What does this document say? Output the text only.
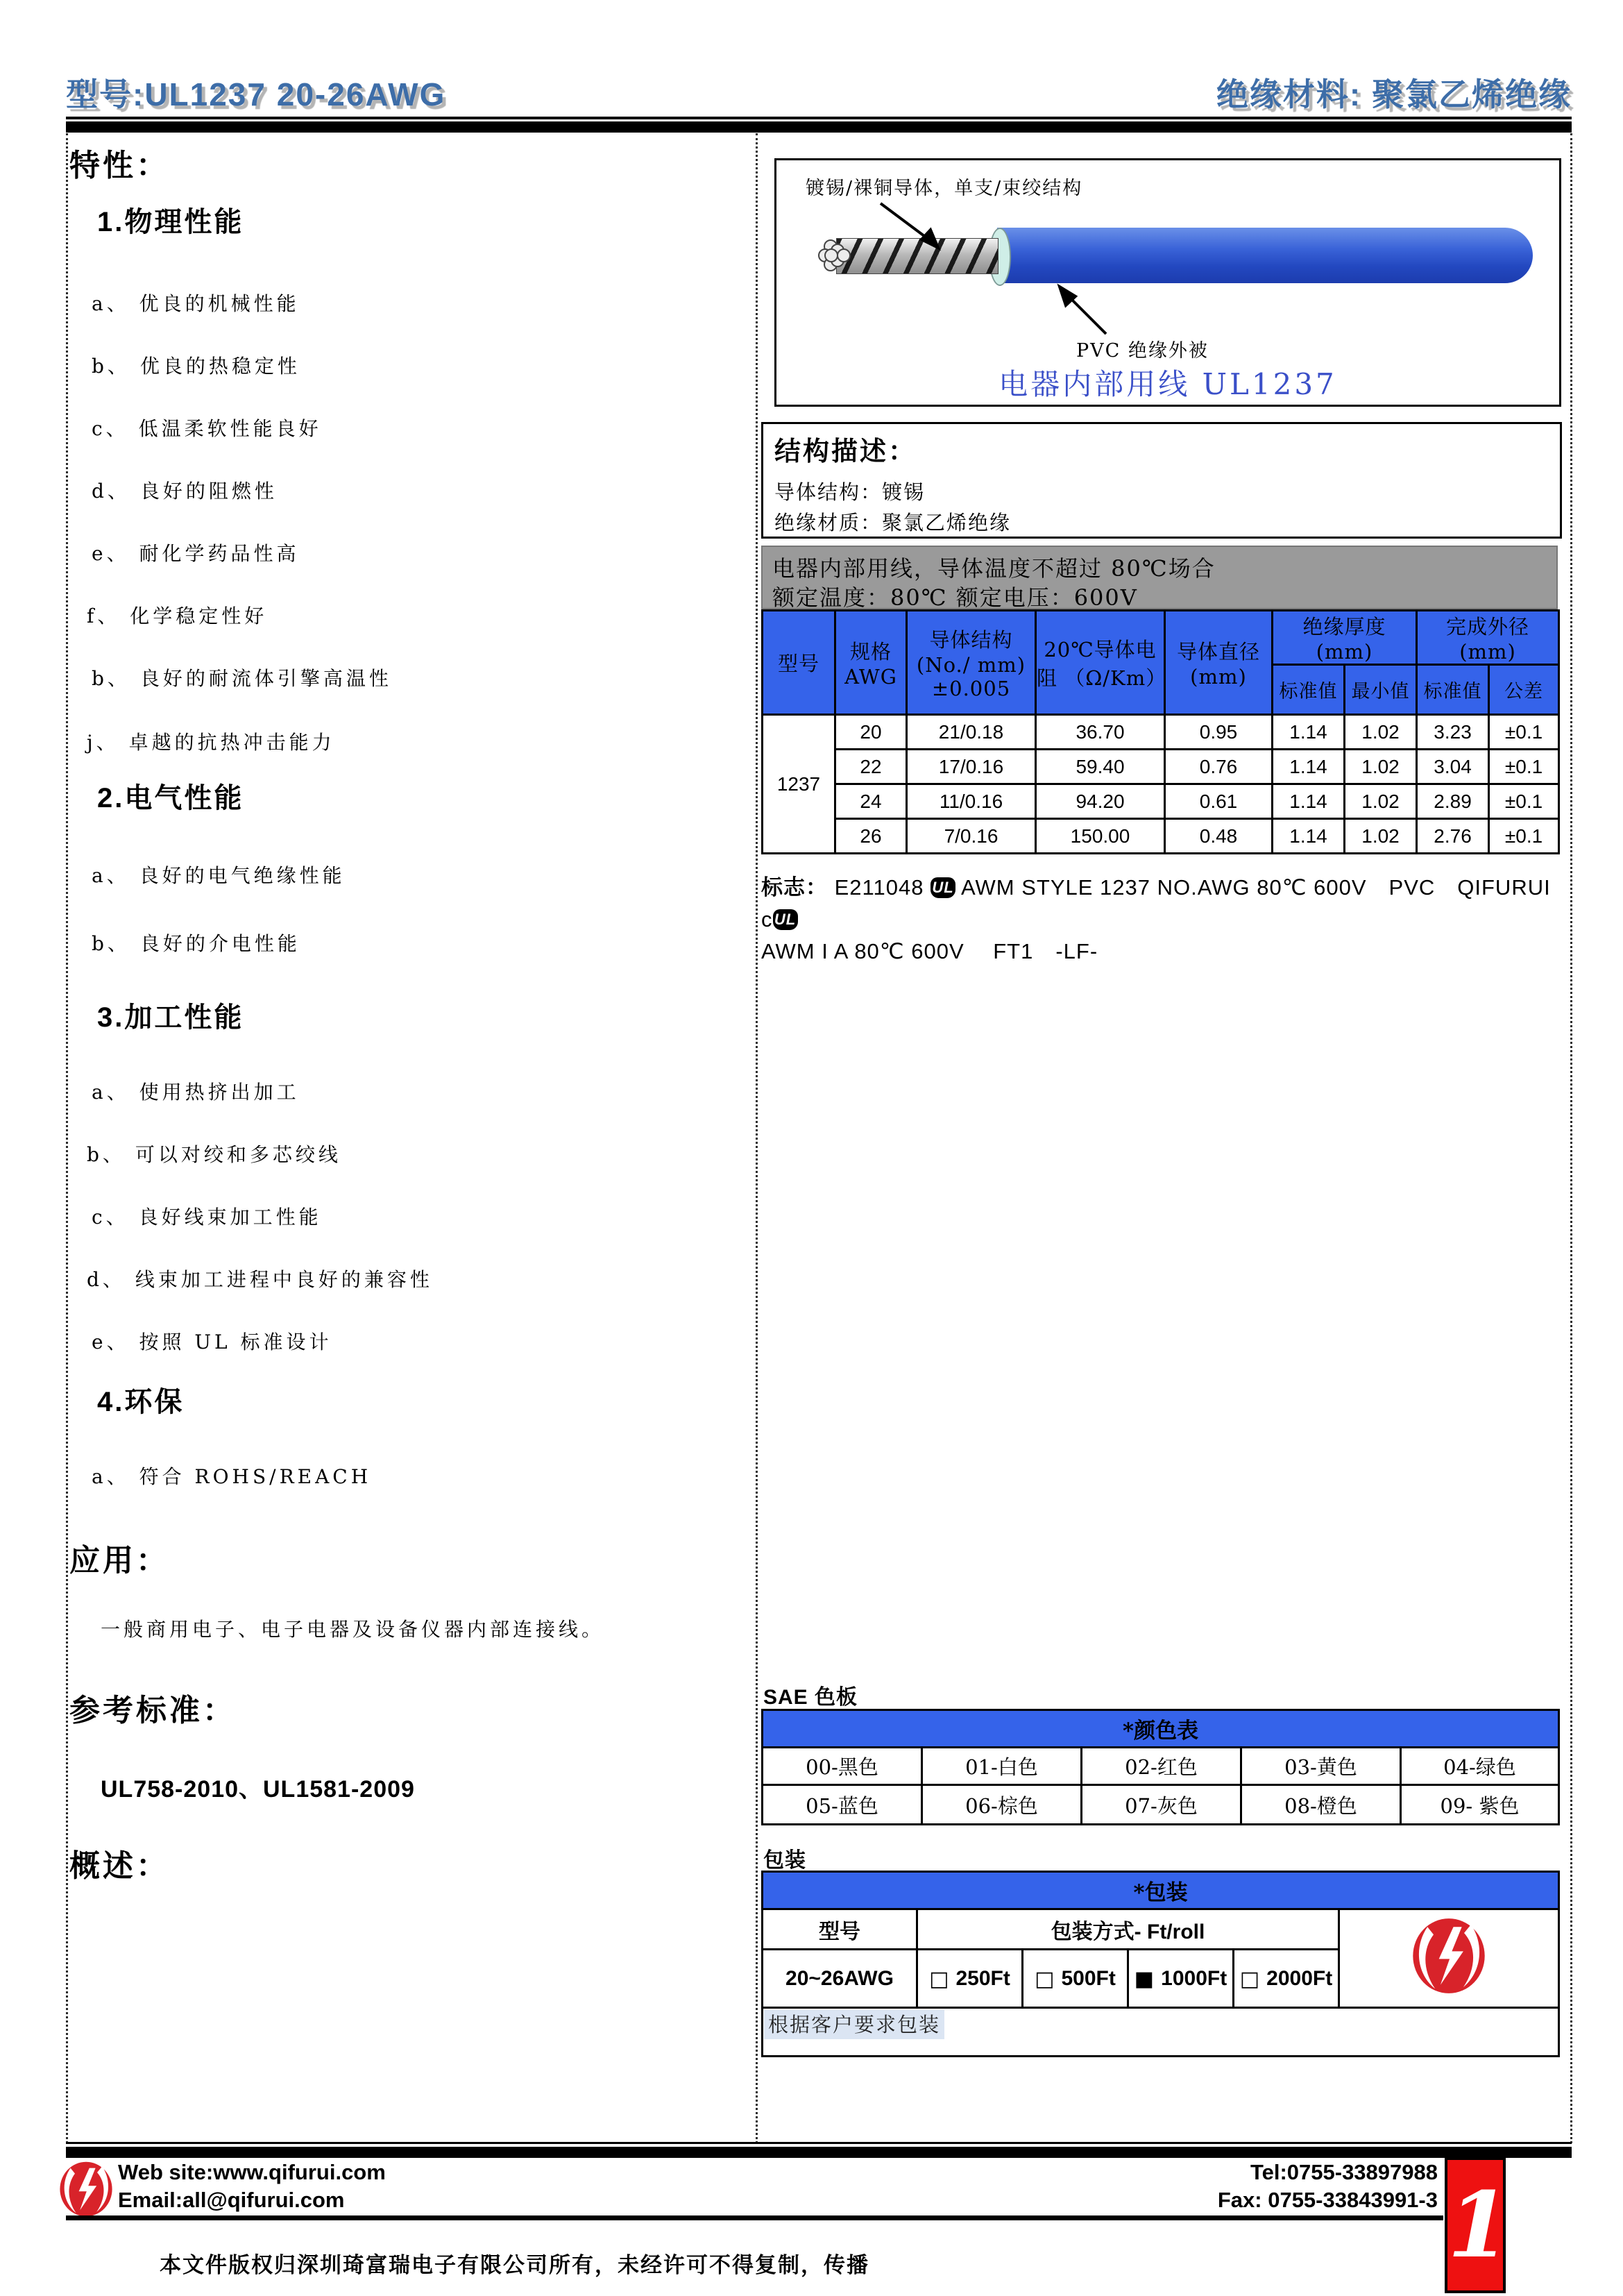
型号:UL1237 20-26AWG	绝缘材料: 聚氯乙烯绝缘
特性：
1.物理性能
a、 优良的机械性能
b、 优良的热稳定性
c、 低温柔软性能良好
d、 良好的阻燃性
e、 耐化学药品性高
f、 化学稳定性好
b、 良好的耐流体引擎高温性
j、 卓越的抗热冲击能力
2.电气性能
a、 良好的电气绝缘性能
b、 良好的介电性能
3.加工性能
a、 使用热挤出加工
b、 可以对绞和多芯绞线
c、 良好线束加工性能
d、 线束加工进程中良好的兼容性
e、 按照 UL 标准设计
4.环保
a、 符合 ROHS/REACH
应用：
一般商用电子、电子电器及设备仪器内部连接线。
参考标准：
UL758-2010、UL1581-2009
概述：
镀锡/裸铜导体，单支/束绞结构
PVC 绝缘外被
电器内部用线 UL1237
结构描述：
导体结构：镀锡
绝缘材质：聚氯乙烯绝缘
电器内部用线，导体温度不超过 80℃场合
额定温度：80℃ 额定电压：600V
型号	规格 AWG	导体结构 (No./ mm) ±0.005	20℃导体电阻 （Ω/Km）	导体直径 (mm)	绝缘厚度 (mm)		完成外径 (mm)	
					标准值	最小值	标准值	公差
1237	20	21/0.18	36.70	0.95	1.14	1.02	3.23	±0.1
	22	17/0.16	59.40	0.76	1.14	1.02	3.04	±0.1
	24	11/0.16	94.20	0.61	1.14	1.02	2.89	±0.1
	26	7/0.16	150.00	0.48	1.14	1.02	2.76	±0.1
标志： E211048 UL AWM STYLE 1237 NO.AWG 80℃ 600V　PVC　QIFURUI　c UL
AWM I A 80℃ 600V　 FT1　-LF-
SAE 色板
*颜色表				
00-黑色	01-白色	02-红色	03-黄色	04-绿色
05-蓝色	06-棕色	07-灰色	08-橙色	09- 紫色
包装
*包装					
型号	包装方式- Ft/roll	
20~26AWG	□ 250Ft	□ 500Ft	■ 1000Ft	□ 2000Ft	
根据客户要求包装					
Web site:www.qifurui.com
Email:all@qifurui.com
Tel:0755-33897988
Fax: 0755-33843991-3 1
本文件版权归深圳琦富瑞电子有限公司所有，未经许可不得复制，传播
